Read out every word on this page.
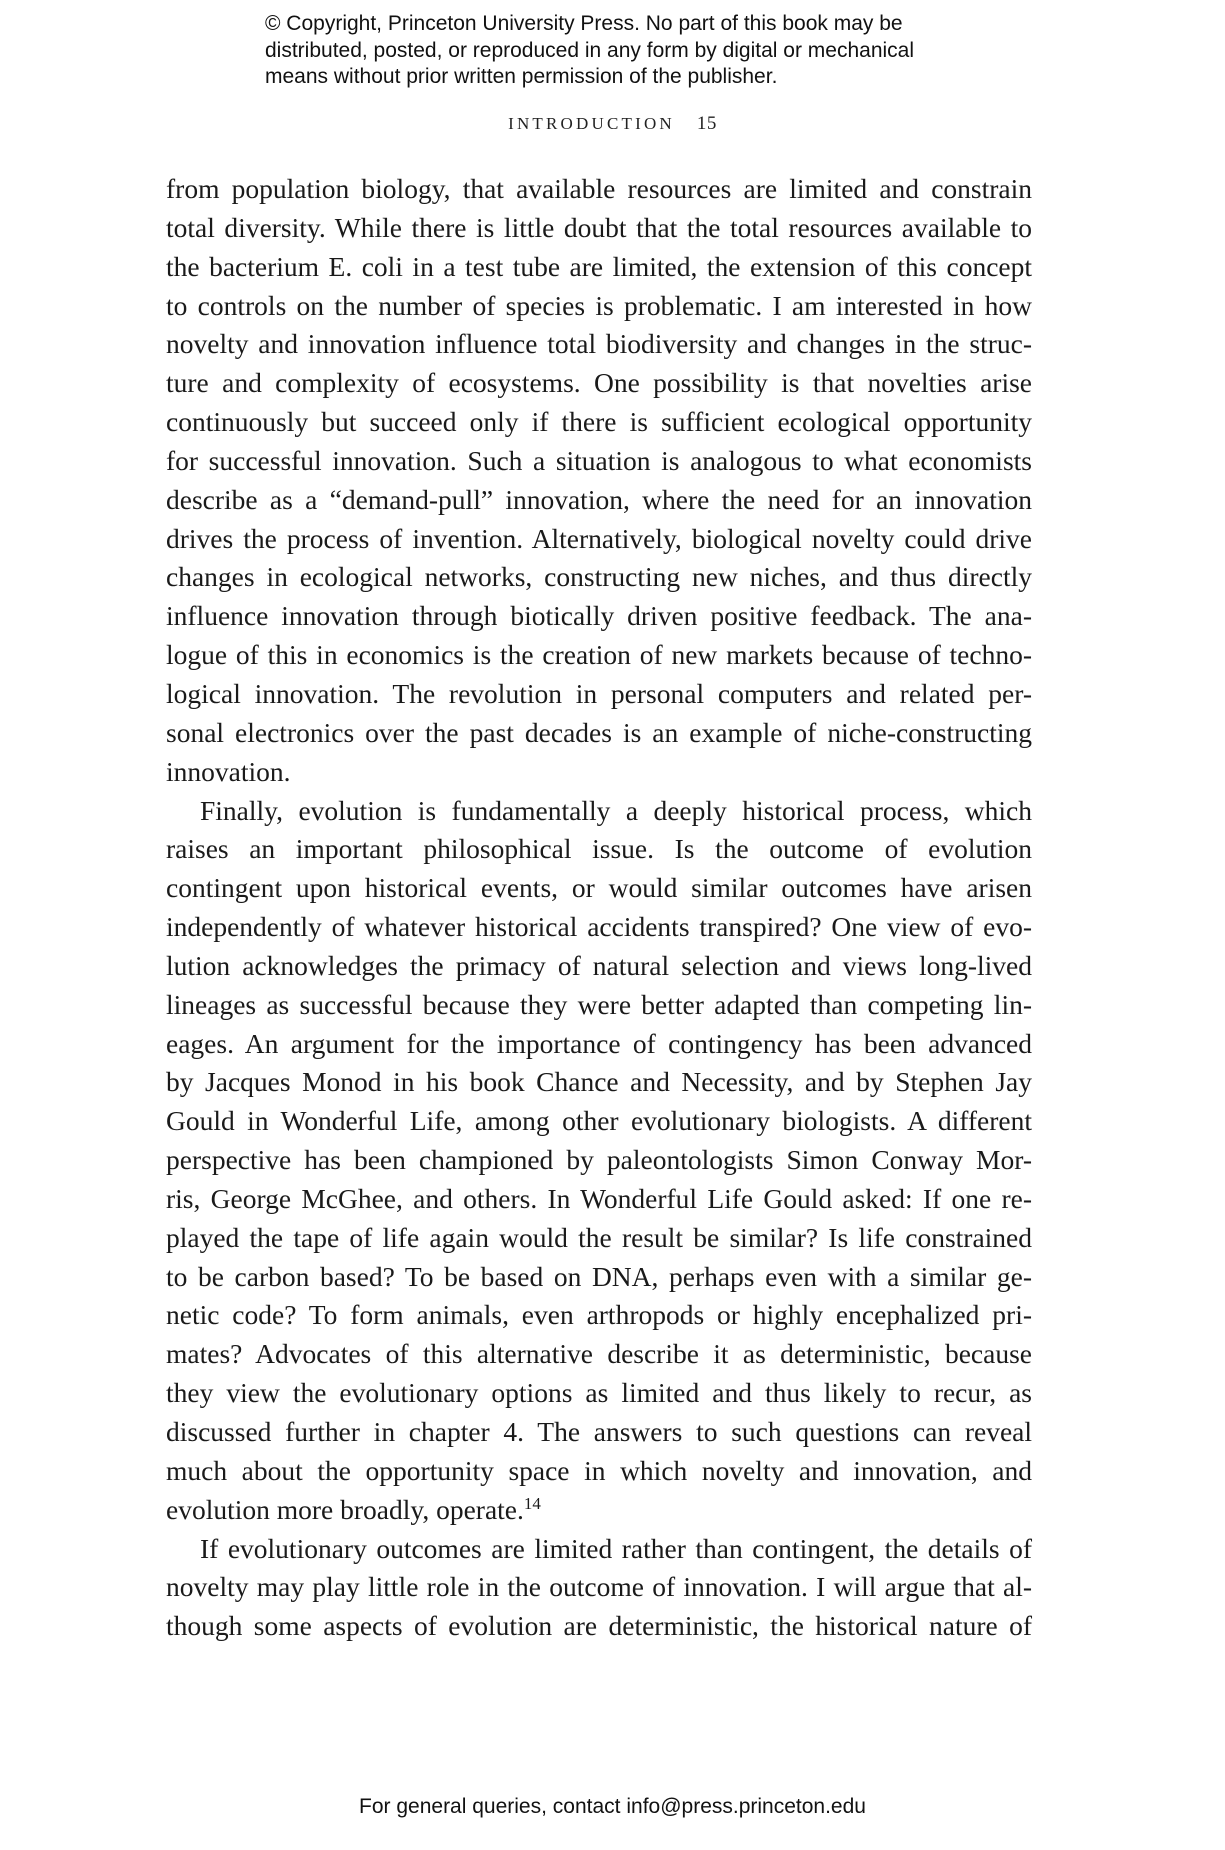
© Copyright, Princeton University Press. No part of this book may be
distributed, posted, or reproduced in any form by digital or mechanical
means without prior written permission of the publisher.
INTRODUCTION 15
from population biology, that available resources are limited and constrain
total diversity. While there is little doubt that the total resources available to
the bacterium E. coli in a test tube are limited, the extension of this concept
to controls on the number of species is problematic. I am interested in how
novelty and innovation influence total biodiversity and changes in the struc-
ture and complexity of ecosystems. One possibility is that novelties arise
continuously but succeed only if there is sufficient ecological opportunity
for successful innovation. Such a situation is analogous to what economists
describe as a “demand-pull” innovation, where the need for an innovation
drives the process of invention. Alternatively, biological novelty could drive
changes in ecological networks, constructing new niches, and thus directly
influence innovation through biotically driven positive feedback. The ana-
logue of this in economics is the creation of new markets because of techno-
logical innovation. The revolution in personal computers and related per-
sonal electronics over the past decades is an example of niche-constructing
innovation.
Finally, evolution is fundamentally a deeply historical process, which
raises an important philosophical issue. Is the outcome of evolution
contingent upon historical events, or would similar outcomes have arisen
independently of whatever historical accidents transpired? One view of evo-
lution acknowledges the primacy of natural selection and views long-lived
lineages as successful because they were better adapted than competing lin-
eages. An argument for the importance of contingency has been advanced
by Jacques Monod in his book Chance and Necessity, and by Stephen Jay
Gould in Wonderful Life, among other evolutionary biologists. A different
perspective has been championed by paleontologists Simon Conway Mor-
ris, George McGhee, and others. In Wonderful Life Gould asked: If one re-
played the tape of life again would the result be similar? Is life constrained
to be carbon based? To be based on DNA, perhaps even with a similar ge-
netic code? To form animals, even arthropods or highly encephalized pri-
mates? Advocates of this alternative describe it as deterministic, because
they view the evolutionary options as limited and thus likely to recur, as
discussed further in chapter 4. The answers to such questions can reveal
much about the opportunity space in which novelty and innovation, and
evolution more broadly, operate.$^{14}$
If evolutionary outcomes are limited rather than contingent, the details of
novelty may play little role in the outcome of innovation. I will argue that al-
though some aspects of evolution are deterministic, the historical nature of
For general queries, contact info@press.princeton.edu
